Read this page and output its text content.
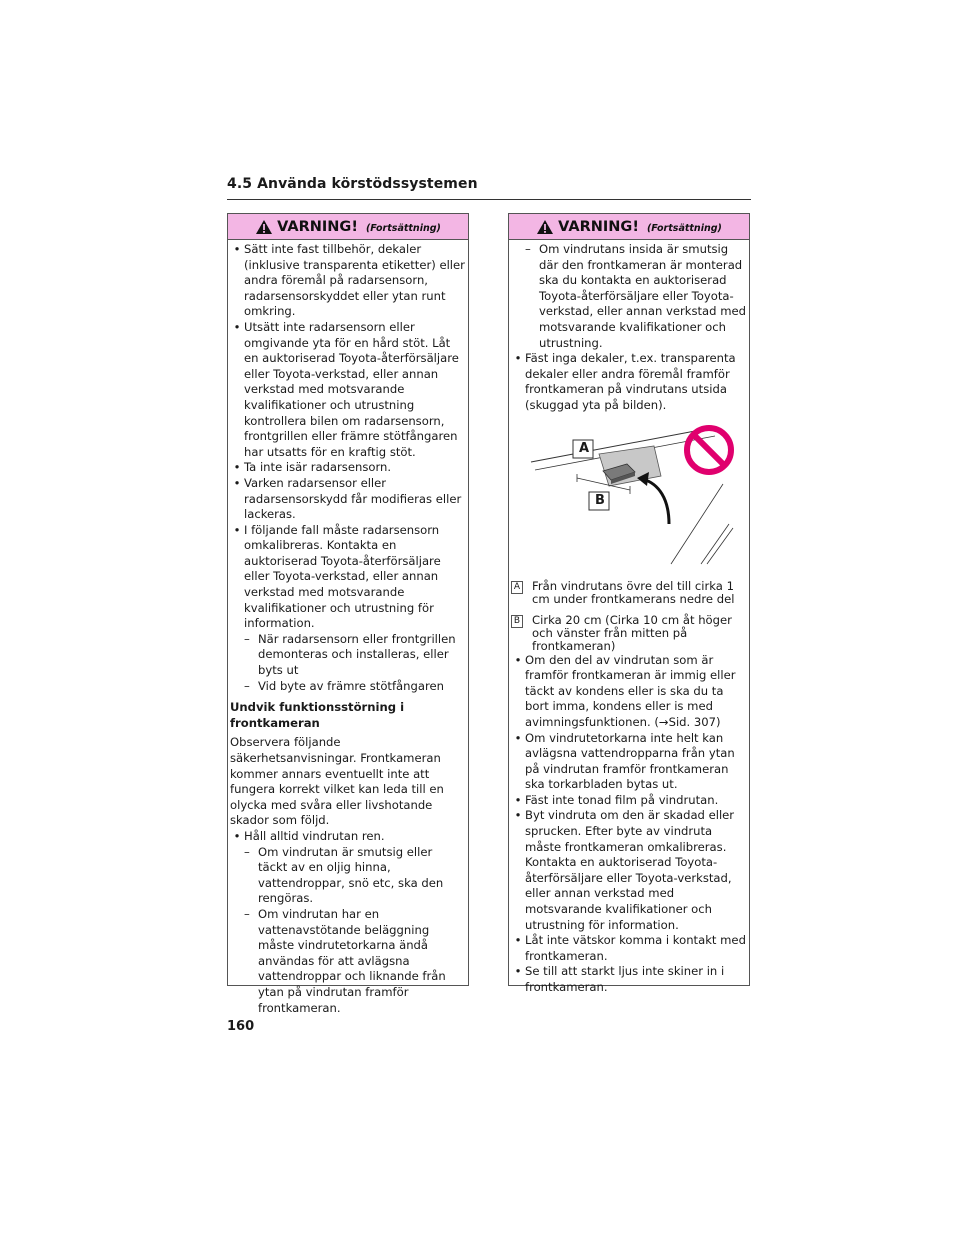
4.5 Använda körstödssystemen
VARNING! (Fortsättning)
• Sätt inte fast tillbehör, dekaler (inklusive transparenta etiketter) eller andra föremål på radarsensorn, radarsensorskyddet eller ytan runt omkring.
• Utsätt inte radarsensorn eller omgivande yta för en hård stöt. Låt en auktoriserad Toyota-återförsäljare eller Toyota-verkstad, eller annan verkstad med motsvarande kvalifikationer och utrustning kontrollera bilen om radarsensorn, frontgrillen eller främre stötfångaren har utsatts för en kraftig stöt.
• Ta inte isär radarsensorn.
• Varken radarsensor eller radarsensorskydd får modifieras eller lackeras.
• I följande fall måste radarsensorn omkalibreras. Kontakta en auktoriserad Toyota-återförsäljare eller Toyota-verkstad, eller annan verkstad med motsvarande kvalifikationer och utrustning för information.
– När radarsensorn eller frontgrillen demonteras och installeras, eller byts ut
– Vid byte av främre stötfångaren
Undvik funktionsstörning i frontkameran
Observera följande säkerhetsanvisningar. Frontkameran kommer annars eventuellt inte att fungera korrekt vilket kan leda till en olycka med svåra eller livshotande skador som följd.
• Håll alltid vindrutan ren.
– Om vindrutan är smutsig eller täckt av en oljig hinna, vattendroppar, snö etc, ska den rengöras.
– Om vindrutan har en vattenavstötande beläggning måste vindrutetorkarna ändå användas för att avlägsna vattendroppar och liknande från ytan på vindrutan framför frontkameran.
VARNING! (Fortsättning)
– Om vindrutans insida är smutsig där den frontkameran är monterad ska du kontakta en auktoriserad Toyota-återförsäljare eller Toyota-verkstad, eller annan verkstad med motsvarande kvalifikationer och utrustning.
• Fäst inga dekaler, t.ex. transparenta dekaler eller andra föremål framför frontkameran på vindrutans utsida (skuggad yta på bilden).
A
B
A Från vindrutans övre del till cirka 1 cm under frontkamerans nedre del
B Cirka 20 cm (Cirka 10 cm åt höger och vänster från mitten på frontkameran)
• Om den del av vindrutan som är framför frontkameran är immig eller täckt av kondens eller is ska du ta bort imma, kondens eller is med avimningsfunktionen. (→Sid. 307)
• Om vindrutetorkarna inte helt kan avlägsna vattendropparna från ytan på vindrutan framför frontkameran ska torkarbladen bytas ut.
• Fäst inte tonad film på vindrutan.
• Byt vindruta om den är skadad eller sprucken. Efter byte av vindruta måste frontkameran omkalibreras. Kontakta en auktoriserad Toyota-återförsäljare eller Toyota-verkstad, eller annan verkstad med motsvarande kvalifikationer och utrustning för information.
• Låt inte vätskor komma i kontakt med frontkameran.
• Se till att starkt ljus inte skiner in i frontkameran.
160
